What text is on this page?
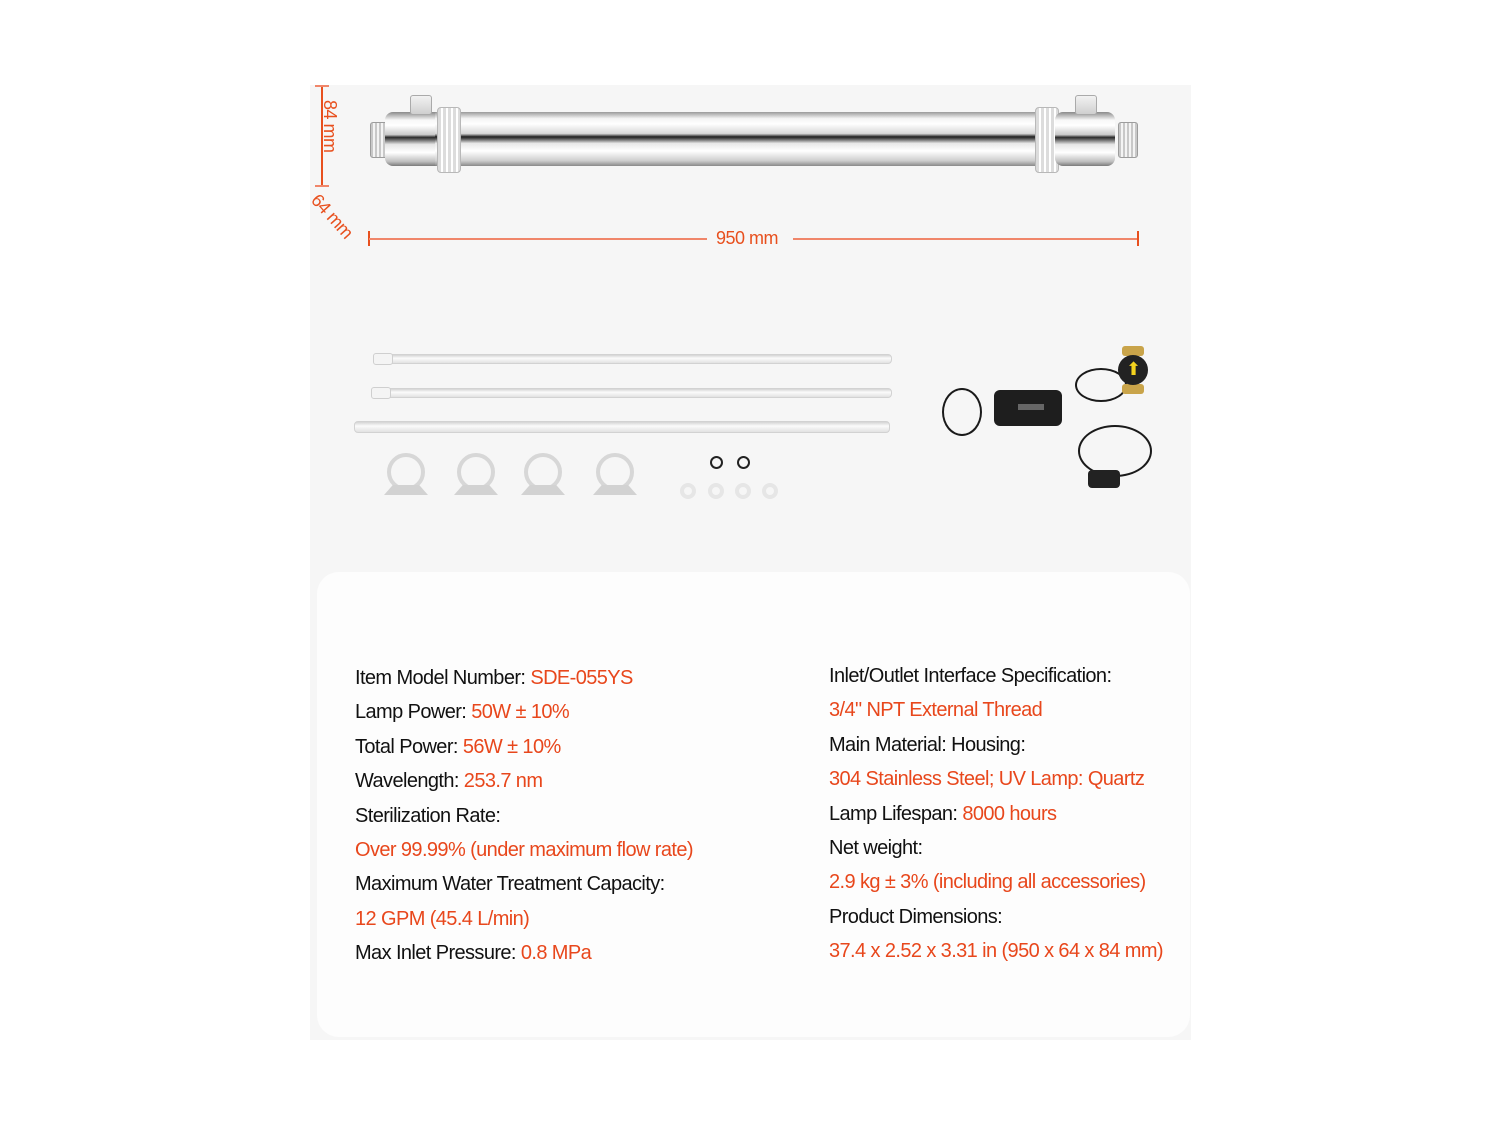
84 mm
64 mm	950 mm
⬆
Item Model Number: SDE-055YS
Lamp Power: 50W ± 10%
Total Power: 56W ± 10%
Wavelength: 253.7 nm
Sterilization Rate:
Over 99.99% (under maximum flow rate)
Maximum Water Treatment Capacity:
12 GPM (45.4 L/min)
Max Inlet Pressure: 0.8 MPa
Inlet/Outlet Interface Specification:
3/4" NPT External Thread
Main Material: Housing:
304 Stainless Steel; UV Lamp: Quartz
Lamp Lifespan: 8000 hours
Net weight:
2.9 kg ± 3% (including all accessories)
Product Dimensions:
37.4 x 2.52 x 3.31 in (950 x 64 x 84 mm)
